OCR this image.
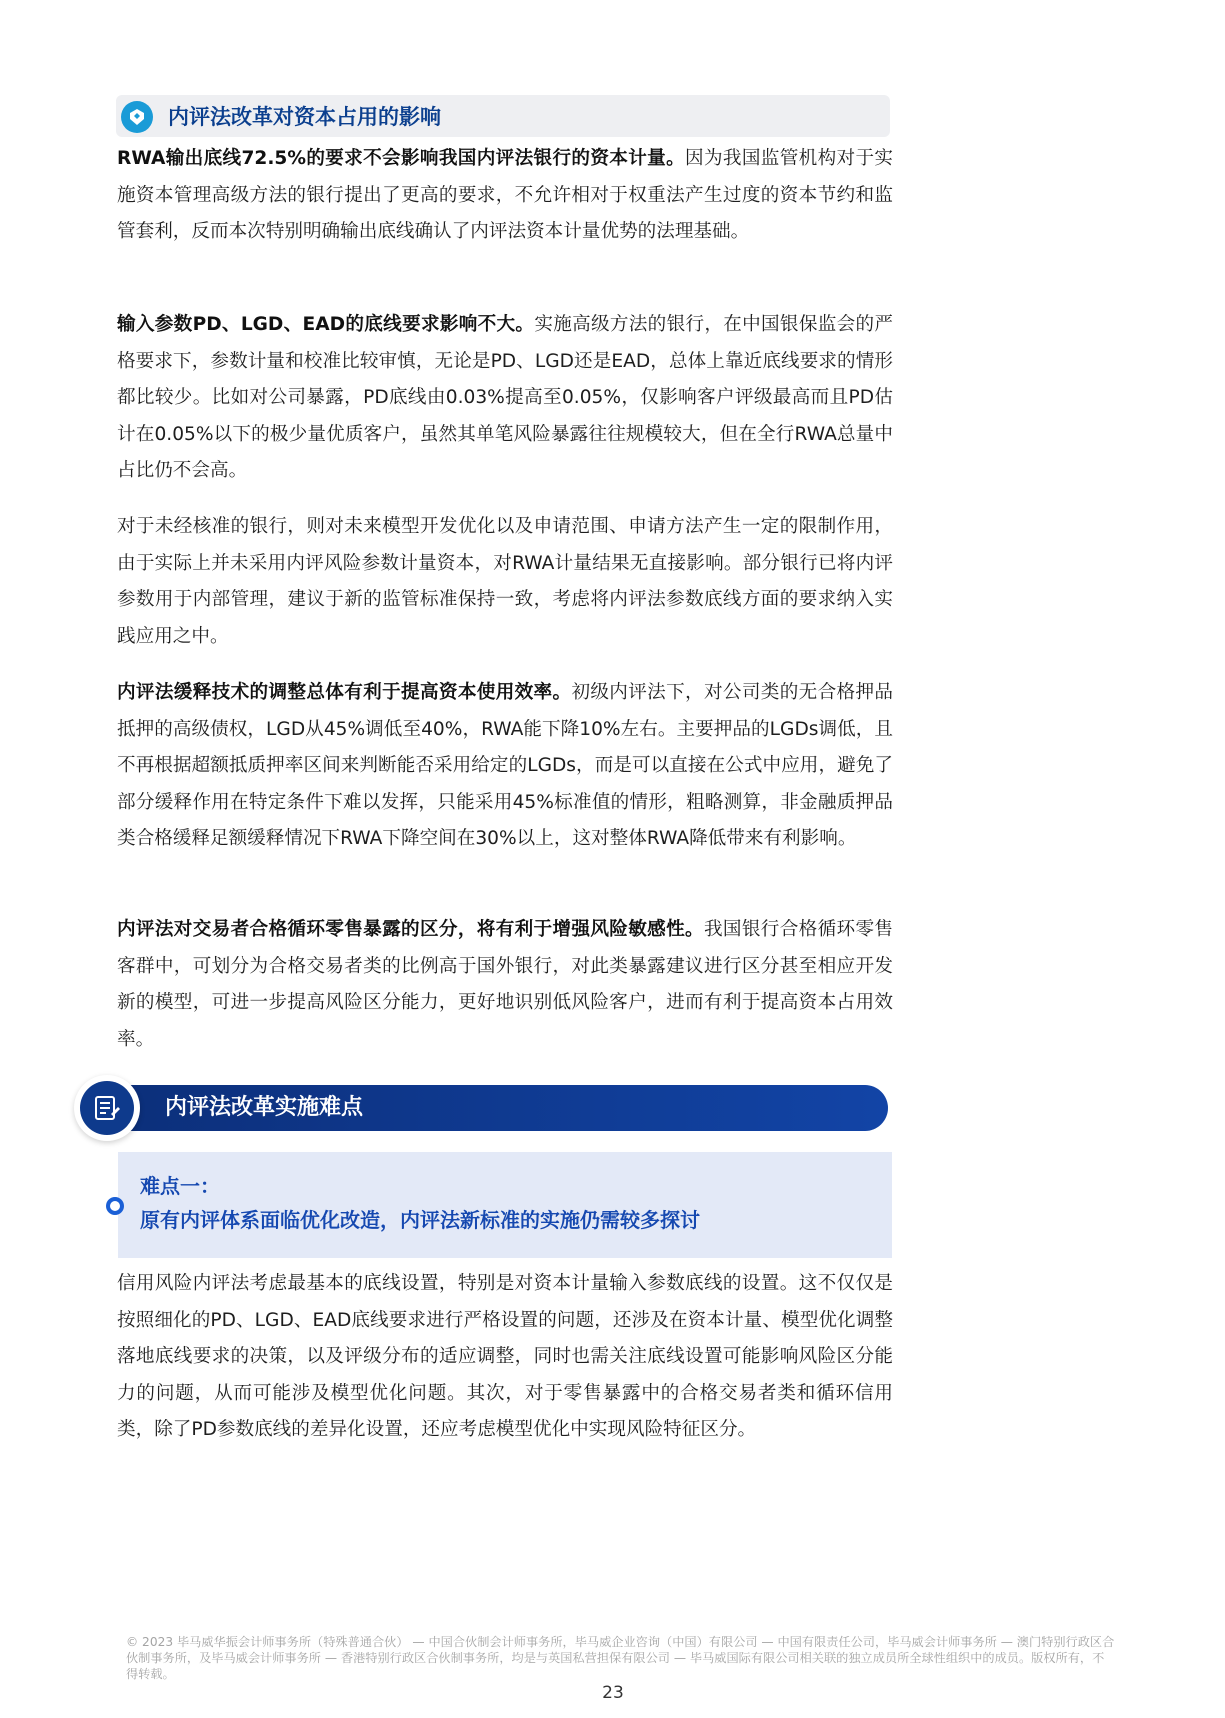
内评法改革对资本占用的影响

RWA输出底线72.5%的要求不会影响我国内评法银行的资本计量。因为我国监管机构对于实施资本管理高级方法的银行提出了更高的要求，不允许相对于权重法产生过度的资本节约和监管套利，反而本次特别明确输出底线确认了内评法资本计量优势的法理基础。

输入参数PD、LGD、EAD的底线要求影响不大。实施高级方法的银行，在中国银保监会的严格要求下，参数计量和校准比较审慎，无论是PD、LGD还是EAD，总体上靠近底线要求的情形都比较少。比如对公司暴露，PD底线由0.03%提高至0.05%，仅影响客户评级最高而且PD估计在0.05%以下的极少量优质客户，虽然其单笔风险暴露往往规模较大，但在全行RWA总量中占比仍不会高。

对于未经核准的银行，则对未来模型开发优化以及申请范围、申请方法产生一定的限制作用，由于实际上并未采用内评风险参数计量资本，对RWA计量结果无直接影响。部分银行已将内评参数用于内部管理，建议于新的监管标准保持一致，考虑将内评法参数底线方面的要求纳入实践应用之中。

内评法缓释技术的调整总体有利于提高资本使用效率。初级内评法下，对公司类的无合格押品抵押的高级债权，LGD从45%调低至40%，RWA能下降10%左右。主要押品的LGDs调低，且不再根据超额抵质押率区间来判断能否采用给定的LGDs，而是可以直接在公式中应用，避免了部分缓释作用在特定条件下难以发挥，只能采用45%标准值的情形，粗略测算，非金融质押品类合格缓释足额缓释情况下RWA下降空间在30%以上，这对整体RWA降低带来有利影响。

内评法对交易者合格循环零售暴露的区分，将有利于增强风险敏感性。我国银行合格循环零售客群中，可划分为合格交易者类的比例高于国外银行，对此类暴露建议进行区分甚至相应开发新的模型，可进一步提高风险区分能力，更好地识别低风险客户，进而有利于提高资本占用效率。

内评法改革实施难点
难点一：
原有内评体系面临优化改造，内评法新标准的实施仍需较多探讨

信用风险内评法考虑最基本的底线设置，特别是对资本计量输入参数底线的设置。这不仅仅是按照细化的PD、LGD、EAD底线要求进行严格设置的问题，还涉及在资本计量、模型优化调整落地底线要求的决策，以及评级分布的适应调整，同时也需关注底线设置可能影响风险区分能力的问题，从而可能涉及模型优化问题。其次，对于零售暴露中的合格交易者类和循环信用类，除了PD参数底线的差异化设置，还应考虑模型优化中实现风险特征区分。

© 2023 毕马威华振会计师事务所（特殊普通合伙） — 中国合伙制会计师事务所，毕马威企业咨询（中国）有限公司 — 中国有限责任公司，毕马威会计师事务所 — 澳门特别行政区合伙制事务所，及毕马威会计师事务所 — 香港特别行政区合伙制事务所，均是与英国私营担保有限公司 — 毕马威国际有限公司相关联的独立成员所全球性组织中的成员。版权所有，不得转载。

23
